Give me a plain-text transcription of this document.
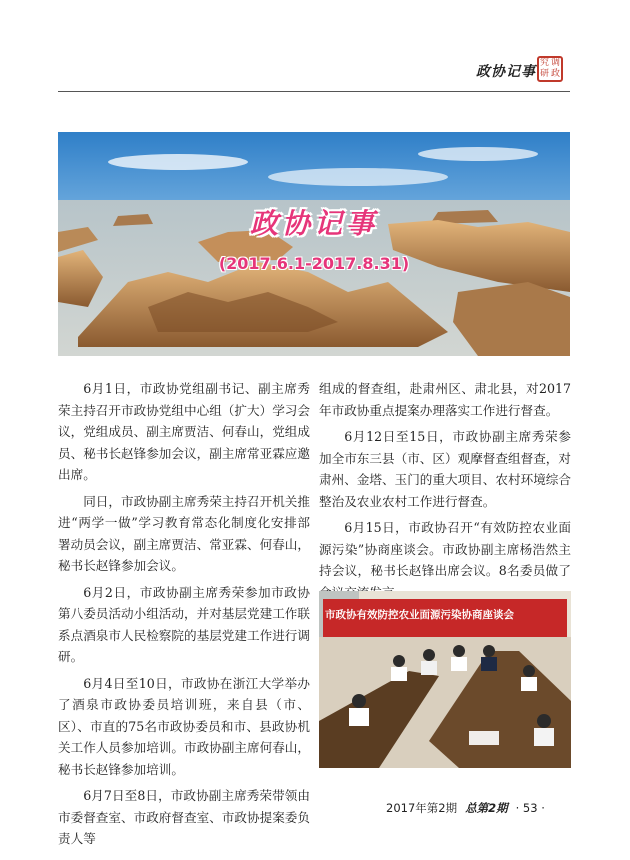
政协记事
究 调
研 政
政协记事
(2017.6.1-2017.8.31)

6月1日，市政协党组副书记、副主席秀荣主持召开市政协党组中心组（扩大）学习会议，党组成员、副主席贾洁、何春山，党组成员、秘书长赵锋参加会议，副主席常亚霖应邀出席。

同日，市政协副主席秀荣主持召开机关推进“两学一做”学习教育常态化制度化安排部署动员会议，副主席贾洁、常亚霖、何春山，秘书长赵锋参加会议。

6月2日，市政协副主席秀荣参加市政协第八委员活动小组活动，并对基层党建工作联系点酒泉市人民检察院的基层党建工作进行调研。

6月4日至10日，市政协在浙江大学举办了酒泉市政协委员培训班，来自县（市、区）、市直的75名市政协委员和市、县政协机关工作人员参加培训。市政协副主席何春山，秘书长赵锋参加培训。

6月7日至8日，市政协副主席秀荣带领由市委督查室、市政府督查室、市政协提案委负责人等

组成的督查组，赴肃州区、肃北县，对2017年市政协重点提案办理落实工作进行督查。

6月12日至15日，市政协副主席秀荣参加全市东三县（市、区）观摩督查组督查，对肃州、金塔、玉门的重大项目、农村环境综合整治及农业农村工作进行督查。

6月15日，市政协召开“有效防控农业面源污染”协商座谈会。市政协副主席杨浩然主持会议，秘书长赵锋出席会议。8名委员做了

市政协有效防控农业面源污染协商座谈会
2017年第2期 总第2期 · 53 ·
